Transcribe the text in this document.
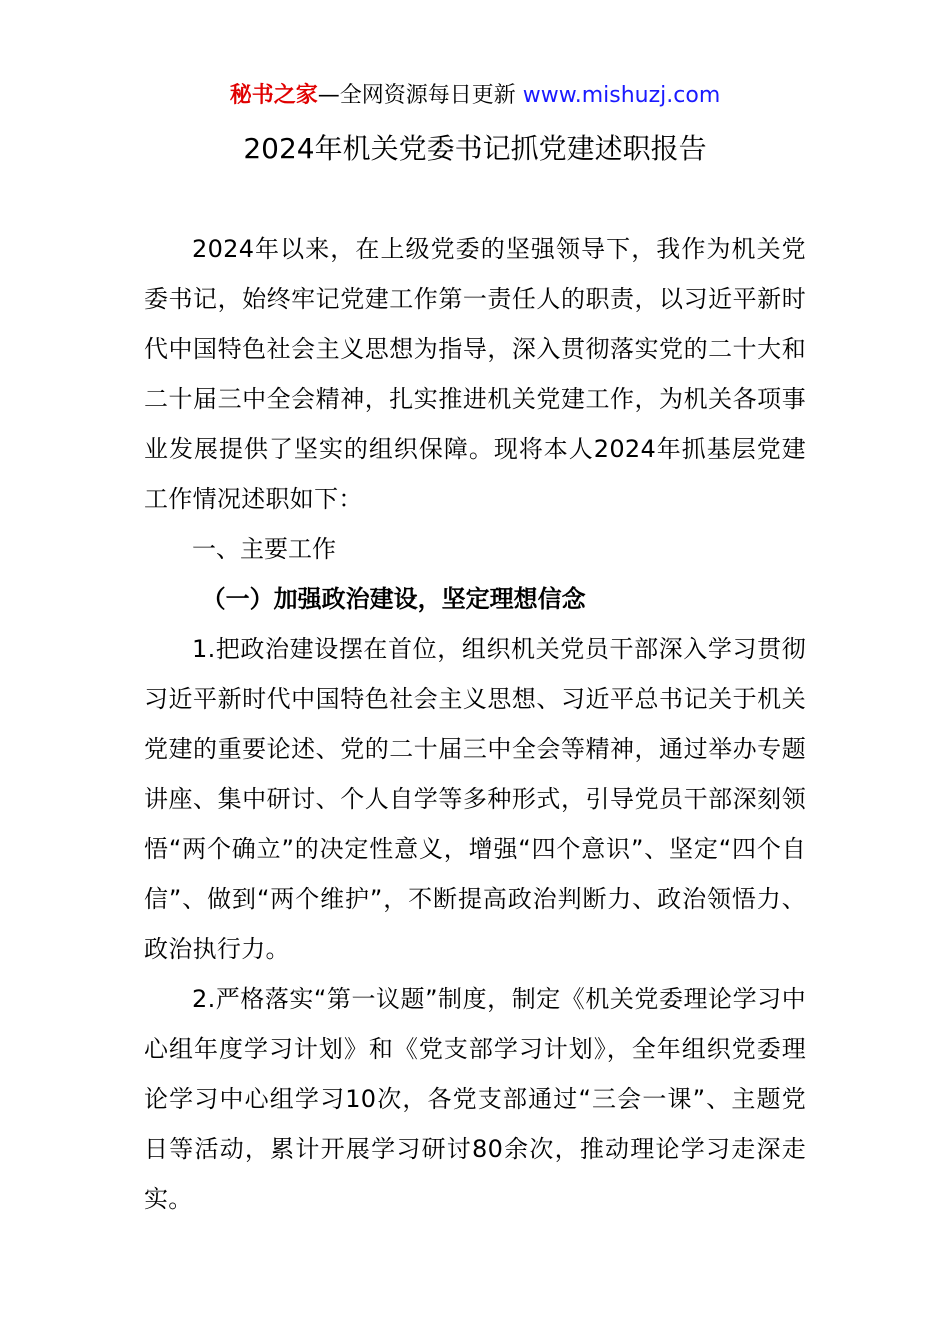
秘书之家—全网资源每日更新 www.mishuzj.com
2024年机关党委书记抓党建述职报告

2024年以来，在上级党委的坚强领导下，我作为机关党委书记，始终牢记党建工作第一责任人的职责，以习近平新时代中国特色社会主义思想为指导，深入贯彻落实党的二十大和二十届三中全会精神，扎实推进机关党建工作，为机关各项事业发展提供了坚实的组织保障。现将本人2024年抓基层党建工作情况述职如下：

一、主要工作

（一）加强政治建设，坚定理想信念

1.把政治建设摆在首位，组织机关党员干部深入学习贯彻习近平新时代中国特色社会主义思想、习近平总书记关于机关党建的重要论述、党的二十届三中全会等精神，通过举办专题讲座、集中研讨、个人自学等多种形式，引导党员干部深刻领悟“两个确立”的决定性意义，增强“四个意识”、坚定“四个自信”、做到“两个维护”，不断提高政治判断力、政治领悟力、政治执行力。

2.严格落实“第一议题”制度，制定《机关党委理论学习中心组年度学习计划》和《党支部学习计划》，全年组织党委理论学习中心组学习10次，各党支部通过“三会一课”、主题党日等活动，累计开展学习研讨80余次，推动理论学习走深走实。
